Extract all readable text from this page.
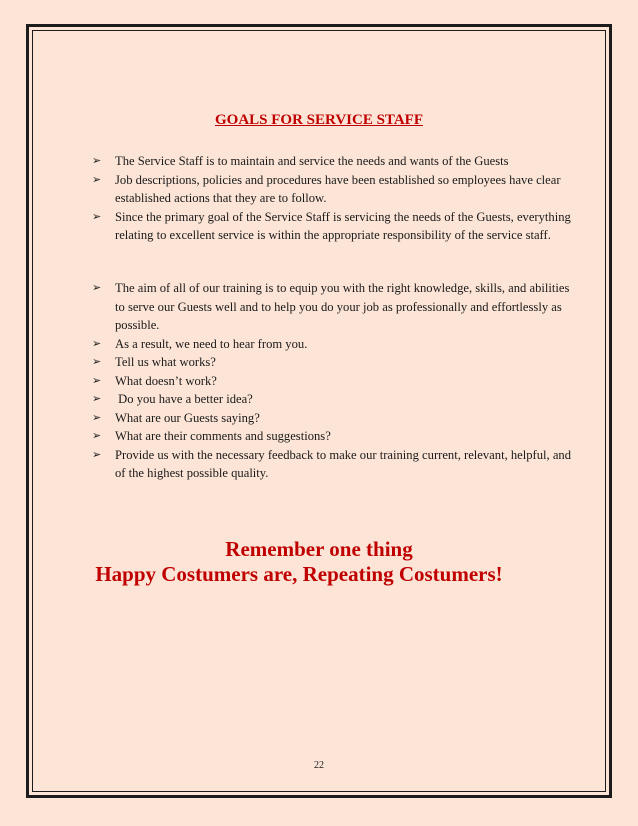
GOALS FOR SERVICE STAFF
➢ The Service Staff is to maintain and service the needs and wants of the Guests
➢ Job descriptions, policies and procedures have been established so employees have clear established actions that they are to follow.
➢ Since the primary goal of the Service Staff is servicing the needs of the Guests, everything relating to excellent service is within the appropriate responsibility of the service staff.
➢ The aim of all of our training is to equip you with the right knowledge, skills, and abilities to serve our Guests well and to help you do your job as professionally and effortlessly as possible.
➢ As a result, we need to hear from you.
➢ Tell us what works?
➢ What doesn’t work?
➢ Do you have a better idea?
➢ What are our Guests saying?
➢ What are their comments and suggestions?
➢ Provide us with the necessary feedback to make our training current, relevant, helpful, and of the highest possible quality.
Remember one thing
Happy Costumers are, Repeating Costumers!
22
